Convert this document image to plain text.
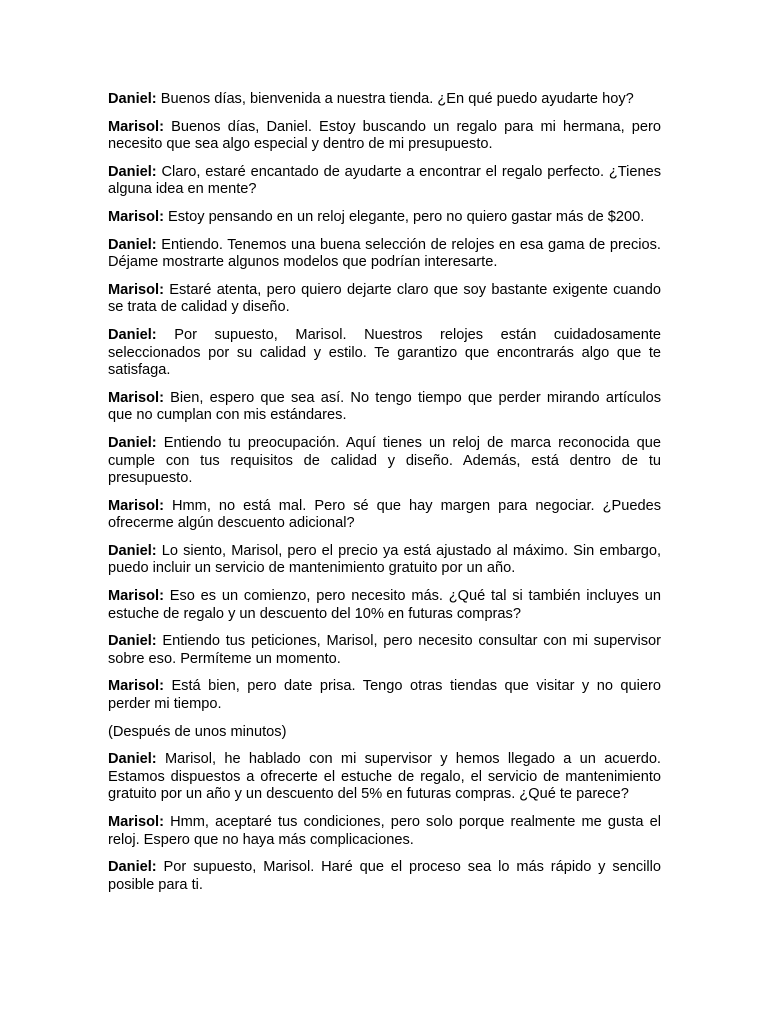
Daniel: Buenos días, bienvenida a nuestra tienda. ¿En qué puedo ayudarte hoy?

Marisol: Buenos días, Daniel. Estoy buscando un regalo para mi hermana, pero necesito que sea algo especial y dentro de mi presupuesto.

Daniel: Claro, estaré encantado de ayudarte a encontrar el regalo perfecto. ¿Tienes alguna idea en mente?

Marisol: Estoy pensando en un reloj elegante, pero no quiero gastar más de $200.

Daniel: Entiendo. Tenemos una buena selección de relojes en esa gama de precios. Déjame mostrarte algunos modelos que podrían interesarte.

Marisol: Estaré atenta, pero quiero dejarte claro que soy bastante exigente cuando se trata de calidad y diseño.

Daniel: Por supuesto, Marisol. Nuestros relojes están cuidadosamente seleccionados por su calidad y estilo. Te garantizo que encontrarás algo que te satisfaga.

Marisol: Bien, espero que sea así. No tengo tiempo que perder mirando artículos que no cumplan con mis estándares.

Daniel: Entiendo tu preocupación. Aquí tienes un reloj de marca reconocida que cumple con tus requisitos de calidad y diseño. Además, está dentro de tu presupuesto.

Marisol: Hmm, no está mal. Pero sé que hay margen para negociar. ¿Puedes ofrecerme algún descuento adicional?

Daniel: Lo siento, Marisol, pero el precio ya está ajustado al máximo. Sin embargo, puedo incluir un servicio de mantenimiento gratuito por un año.

Marisol: Eso es un comienzo, pero necesito más. ¿Qué tal si también incluyes un estuche de regalo y un descuento del 10% en futuras compras?

Daniel: Entiendo tus peticiones, Marisol, pero necesito consultar con mi supervisor sobre eso. Permíteme un momento.

Marisol: Está bien, pero date prisa. Tengo otras tiendas que visitar y no quiero perder mi tiempo.

(Después de unos minutos)

Daniel: Marisol, he hablado con mi supervisor y hemos llegado a un acuerdo. Estamos dispuestos a ofrecerte el estuche de regalo, el servicio de mantenimiento gratuito por un año y un descuento del 5% en futuras compras. ¿Qué te parece?

Marisol: Hmm, aceptaré tus condiciones, pero solo porque realmente me gusta el reloj. Espero que no haya más complicaciones.

Daniel: Por supuesto, Marisol. Haré que el proceso sea lo más rápido y sencillo posible para ti.
